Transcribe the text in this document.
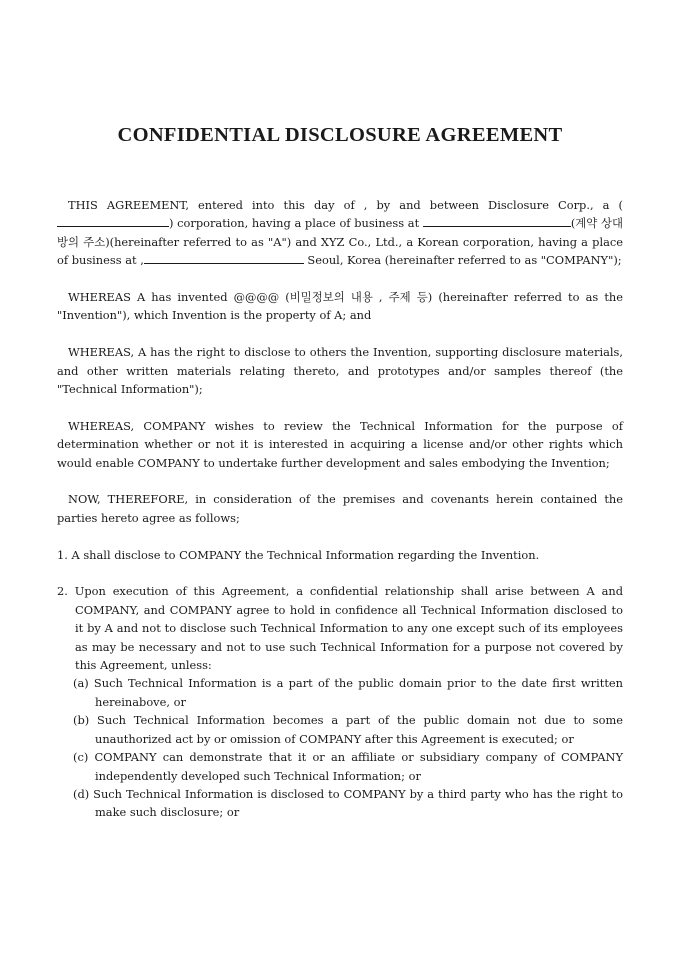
CONFIDENTIAL DISCLOSURE AGREEMENT

THIS AGREEMENT, entered into this day of , by and between Disclosure Corp., a () corporation, having a place of business at	(계약 상대방의 주소)(hereinafter referred to as "A") and XYZ Co., Ltd., a Korean corporation, having a place of business at ,	Seoul, Korea (hereinafter referred to as "COMPANY");

WHEREAS A has invented @@@@ (비밀정보의 내용 , 주제 등) (hereinafter referred to as the "Invention"), which Invention is the property of A; and

WHEREAS, A has the right to disclose to others the Invention, supporting disclosure materials, and other written materials relating thereto, and prototypes and/or samples thereof (the "Technical Information");

WHEREAS, COMPANY wishes to review the Technical Information for the purpose of determination whether or not it is interested in acquiring a license and/or other rights which would enable COMPANY to undertake further development and sales embodying the Invention;

NOW, THEREFORE, in consideration of the premises and covenants herein contained the parties hereto agree as follows;

1. A shall disclose to COMPANY the Technical Information regarding the Invention.
2. Upon execution of this Agreement, a confidential relationship shall arise between A and COMPANY, and COMPANY agree to hold in confidence all Technical Information disclosed to it by A and not to disclose such Technical Information to any one except such of its employees as may be necessary and not to use such Technical Information for a purpose not covered by this Agreement, unless:
(a) Such Technical Information is a part of the public domain prior to the date first written hereinabove, or
(b) Such Technical Information becomes a part of the public domain not due to some unauthorized act by or omission of COMPANY after this Agreement is executed; or
(c) COMPANY can demonstrate that it or an affiliate or subsidiary company of COMPANY independently developed such Technical Information; or
(d) Such Technical Information is disclosed to COMPANY by a third party who has the right to make such disclosure; or
